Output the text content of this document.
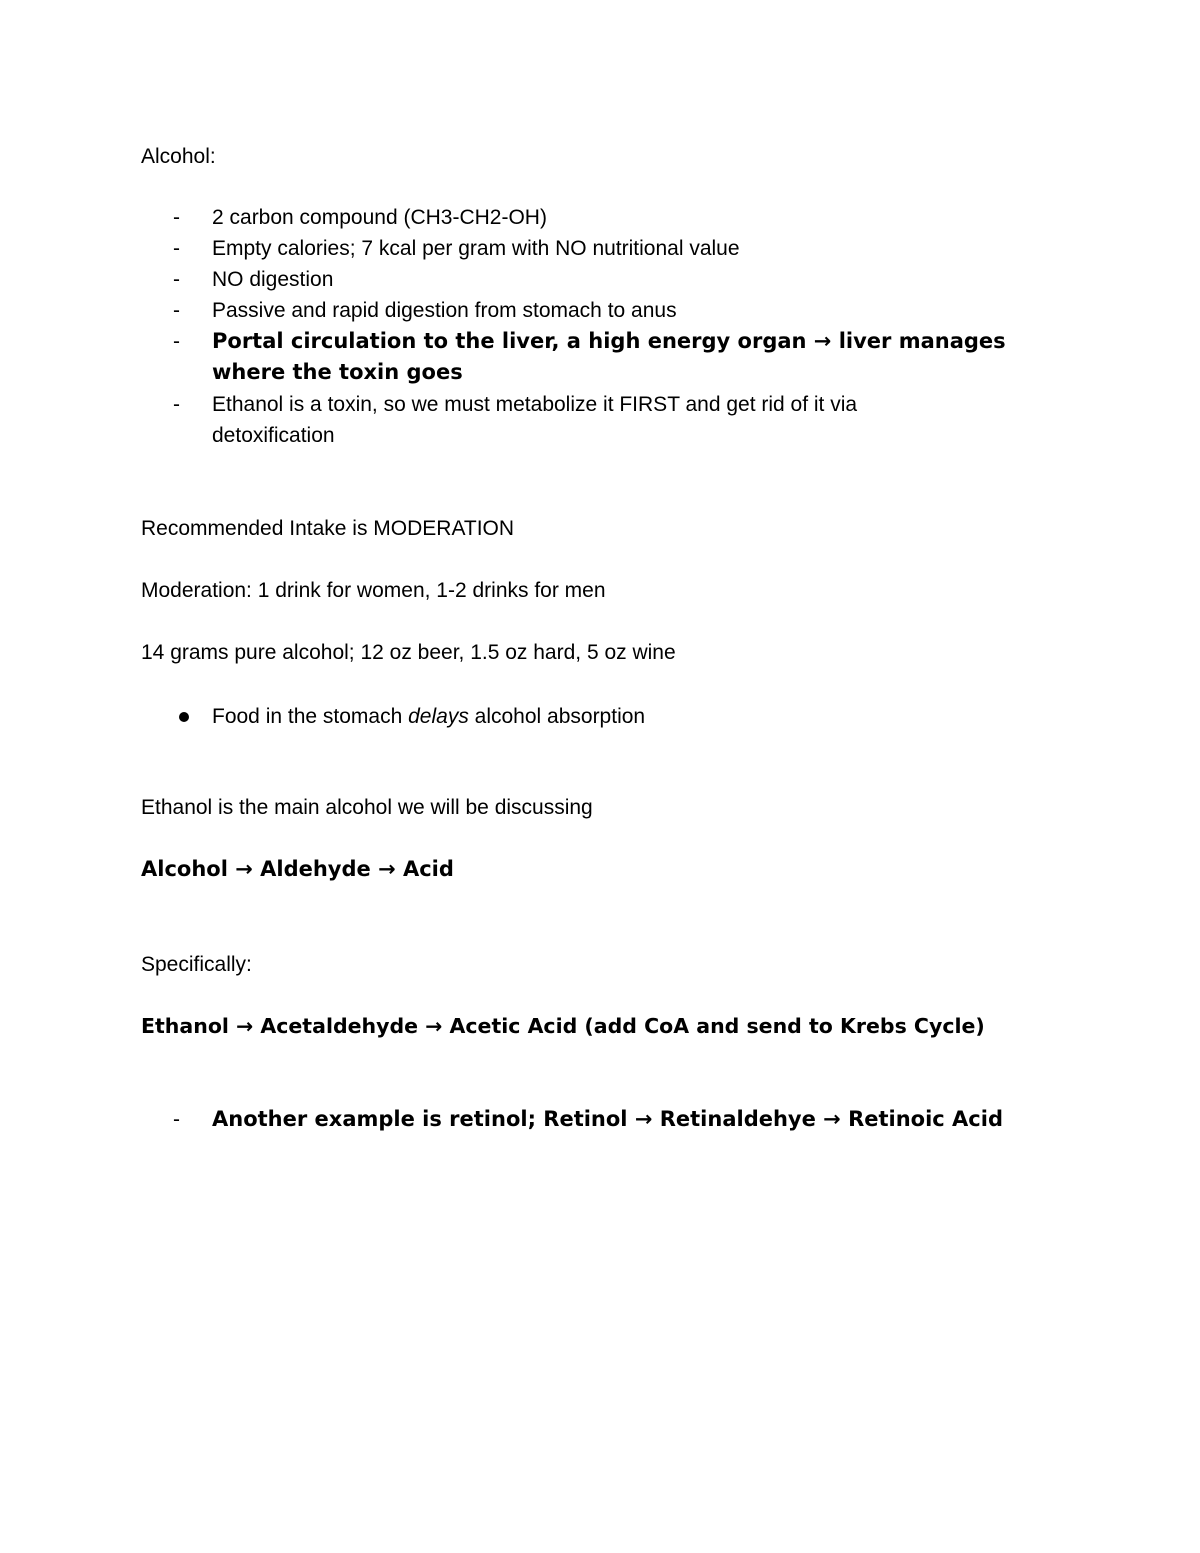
Alcohol:
- 2 carbon compound (CH3-CH2-OH)
- Empty calories; 7 kcal per gram with NO nutritional value
- NO digestion
- Passive and rapid digestion from stomach to anus
- Portal circulation to the liver, a high energy organ → liver manages where the toxin goes
- Ethanol is a toxin, so we must metabolize it FIRST and get rid of it via detoxification
Recommended Intake is MODERATION
Moderation: 1 drink for women, 1-2 drinks for men
14 grams pure alcohol; 12 oz beer, 1.5 oz hard, 5 oz wine
Food in the stomach delays alcohol absorption
Ethanol is the main alcohol we will be discussing
Alcohol → Aldehyde → Acid
Specifically:
Ethanol → Acetaldehyde → Acetic Acid (add CoA and send to Krebs Cycle)
- Another example is retinol; Retinol → Retinaldehye → Retinoic Acid
